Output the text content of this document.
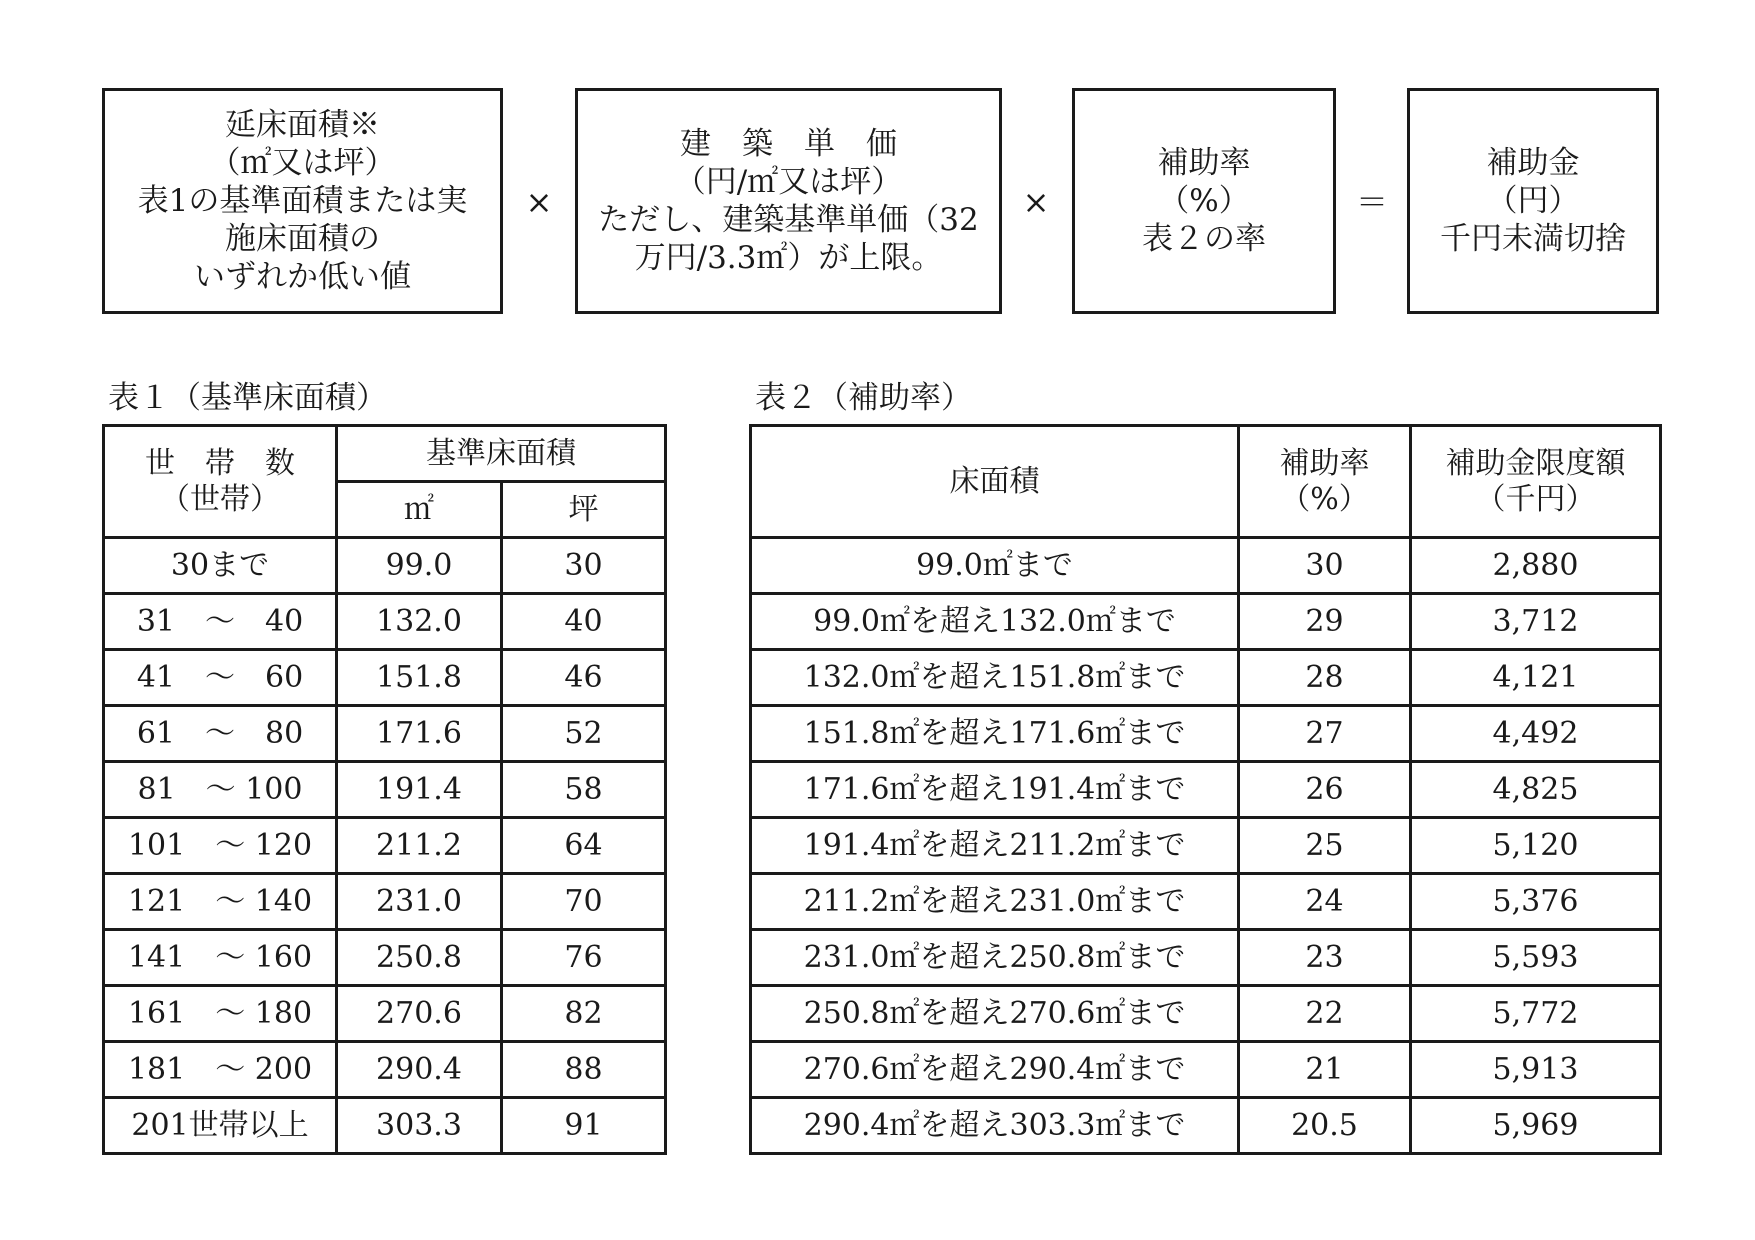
延床面積※
（㎡又は坪）
表1の基準面積または実
施床面積の
いずれか低い値
×
建　築　単　価
（円/㎡又は坪）
ただし、建築基準単価（32
万円/3.3㎡）が上限。
×
補助率
（%）
表２の率
＝
補助金
（円）
千円未満切捨
表１（基準床面積）
世　帯　数
（世帯）	基準床面積	
	㎡	坪
30まで	99.0	30
31　～　40	132.0	40
41　～　60	151.8	46
61　～　80	171.6	52
81　～ 100	191.4	58
101　～ 120	211.2	64
121　～ 140	231.0	70
141　～ 160	250.8	76
161　～ 180	270.6	82
181　～ 200	290.4	88
201世帯以上	303.3	91
表２（補助率）
床面積	補助率
（%）	補助金限度額
（千円）

99.0㎡まで	30	2,880
99.0㎡を超え132.0㎡まで	29	3,712
132.0㎡を超え151.8㎡まで	28	4,121
151.8㎡を超え171.6㎡まで	27	4,492
171.6㎡を超え191.4㎡まで	26	4,825
191.4㎡を超え211.2㎡まで	25	5,120
211.2㎡を超え231.0㎡まで	24	5,376
231.0㎡を超え250.8㎡まで	23	5,593
250.8㎡を超え270.6㎡まで	22	5,772
270.6㎡を超え290.4㎡まで	21	5,913
290.4㎡を超え303.3㎡まで	20.5	5,969
